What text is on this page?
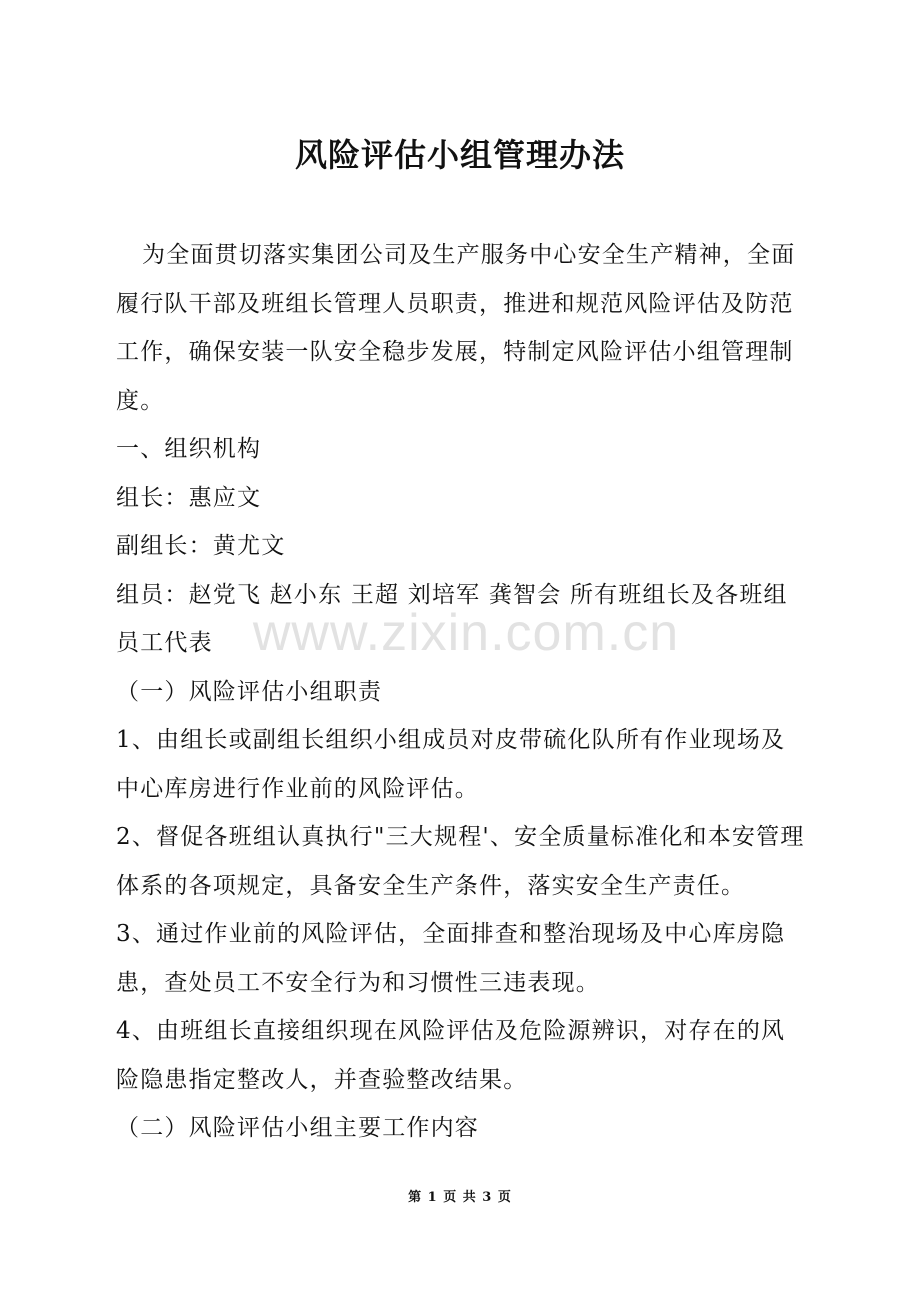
风险评估小组管理办法

为全面贯切落实集团公司及生产服务中心安全生产精神，全面履行队干部及班组长管理人员职责，推进和规范风险评估及防范工作，确保安装一队安全稳步发展，特制定风险评估小组管理制度。

一、组织机构

组长：惠应文

副组长：黄尤文

组员：赵党飞 赵小东 王超 刘培军 龚智会 所有班组长及各班组员工代表

（一）风险评估小组职责

1、由组长或副组长组织小组成员对皮带硫化队所有作业现场及中心库房进行作业前的风险评估。

2、督促各班组认真执行"三大规程'、安全质量标准化和本安管理体系的各项规定，具备安全生产条件，落实安全生产责任。

3、通过作业前的风险评估，全面排查和整治现场及中心库房隐患，查处员工不安全行为和习惯性三违表现。

4、由班组长直接组织现在风险评估及危险源辨识，对存在的风险隐患指定整改人，并查验整改结果。

（二）风险评估小组主要工作内容

www.zixin.com.cn
第 1 页 共 3 页
